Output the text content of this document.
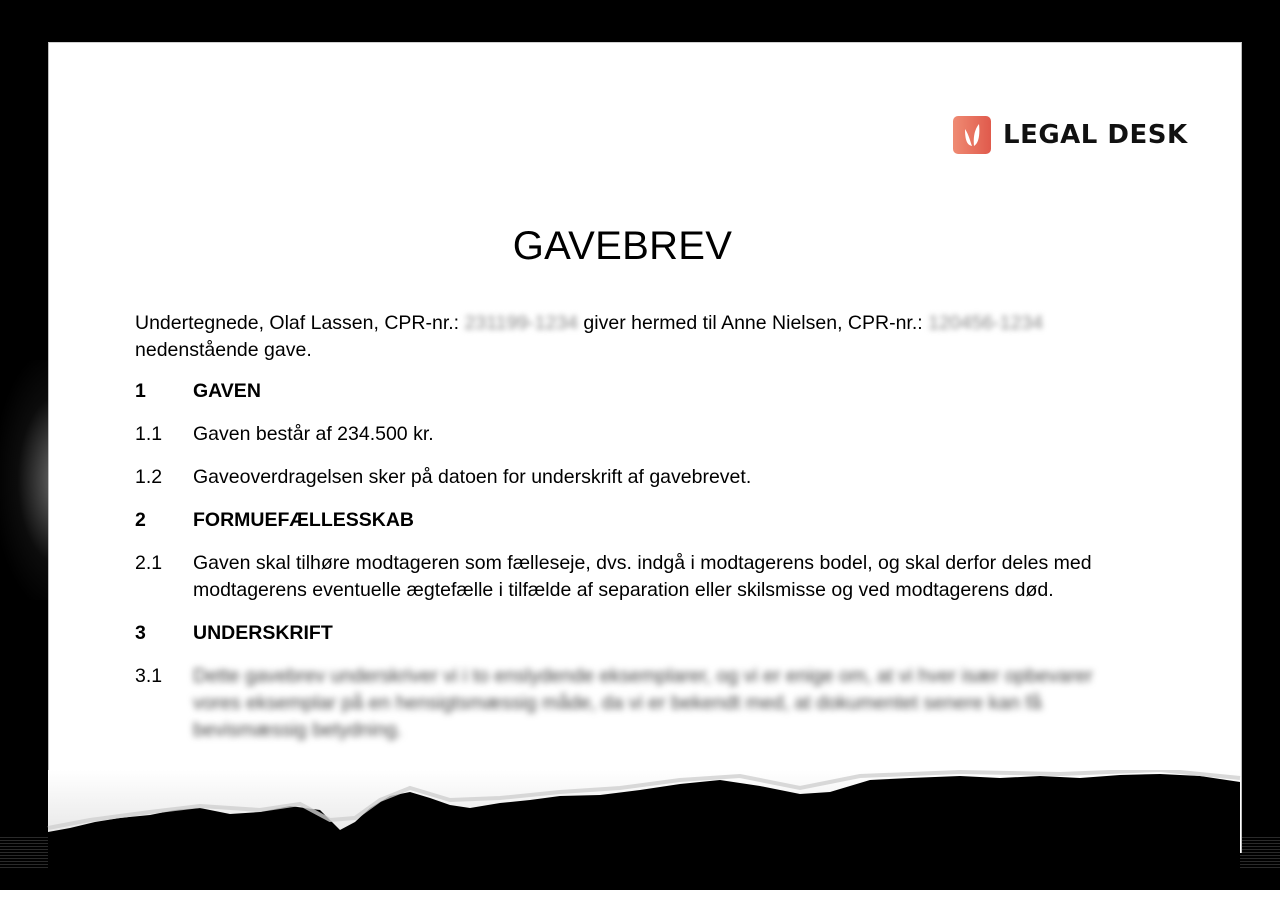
LEGAL DESK
GAVEBREV

Undertegnede, Olaf Lassen, CPR-nr.: 231199-1234 giver hermed til Anne Nielsen, CPR-nr.: 120456-1234
nedenstående gave.

1	GAVEN
1.1	Gaven består af 234.500 kr.
1.2	Gaveoverdragelsen sker på datoen for underskrift af gavebrevet.
2	FORMUEFÆLLESSKAB
2.1	Gaven skal tilhøre modtageren som fælleseje, dvs. indgå i modtagerens bodel, og skal derfor deles med modtagerens eventuelle ægtefælle i tilfælde af separation eller skilsmisse og ved modtagerens død.
3	UNDERSKRIFT
3.1	Dette gavebrev underskriver vi i to enslydende eksemplarer, og vi er enige om, at vi hver især opbevarer vores eksemplar på en hensigtsmæssig måde, da vi er bekendt med, at dokumentet senere kan få bevismæssig betydning.
